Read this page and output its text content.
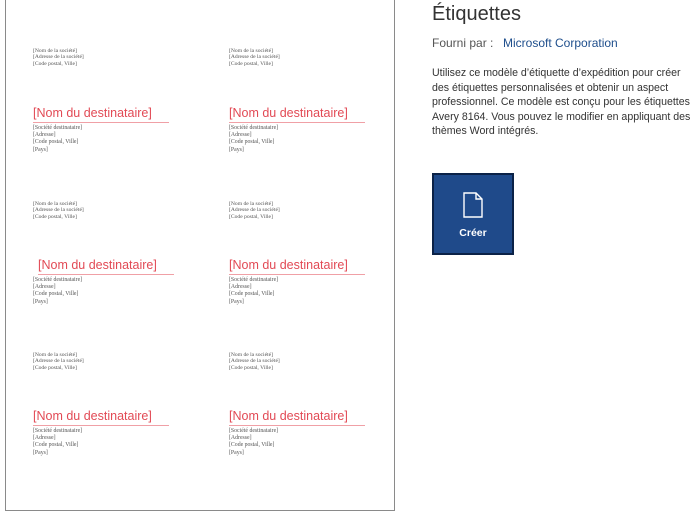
[Nom de la société]
[Adresse de la société]
[Code postal, Ville]
[Nom de la société]
[Adresse de la société]
[Code postal, Ville]
[Nom du destinataire]
[Société destinataire]
[Adresse]
[Code postal, Ville]
[Pays]
[Nom du destinataire]
[Société destinataire]
[Adresse]
[Code postal, Ville]
[Pays]
[Nom de la société]
[Adresse de la société]
[Code postal, Ville]
[Nom de la société]
[Adresse de la société]
[Code postal, Ville]
[Nom du destinataire]
[Société destinataire]
[Adresse]
[Code postal, Ville]
[Pays]
[Nom du destinataire]
[Société destinataire]
[Adresse]
[Code postal, Ville]
[Pays]
[Nom de la société]
[Adresse de la société]
[Code postal, Ville]
[Nom de la société]
[Adresse de la société]
[Code postal, Ville]
[Nom du destinataire]
[Société destinataire]
[Adresse]
[Code postal, Ville]
[Pays]
[Nom du destinataire]
[Société destinataire]
[Adresse]
[Code postal, Ville]
[Pays]
Étiquettes
Fourni par : Microsoft Corporation

Utilisez ce modèle d’étiquette d’expédition pour créer des étiquettes personnalisées et obtenir un aspect professionnel. Ce modèle est conçu pour les étiquettes Avery 8164. Vous pouvez le modifier en appliquant des thèmes Word intégrés.

Créer
